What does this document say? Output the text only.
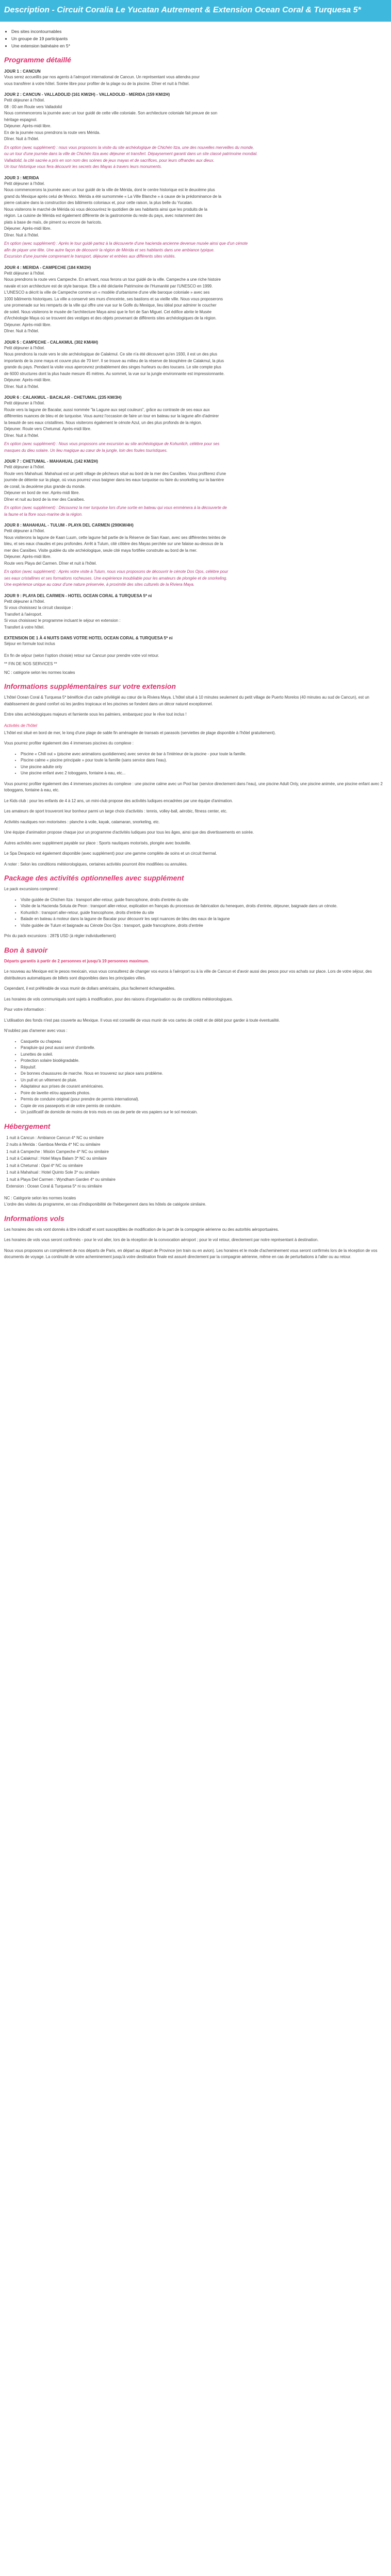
Description - Circuit Coralia Le Yucatan Autrement & Extension Ocean Coral & Turquesa 5*
• Des sites incontournables
• Un groupe de 19 participants
• Une extension balnéaire en 5*
Programme détaillé
JOUR 1 : CANCUN

Vous serez accueillis par nos agents à l'aéroport international de Cancun. Un représentant vous attendra pour

vous transférer à votre hôtel. Soirée libre pour profiter de la plage ou de la piscine. Dîner et nuit à l'hôtel.

JOUR 2 : CANCUN - VALLADOLID (161 KM/2H) - VALLADOLID - MERIDA (159 KM/2H)

Petit déjeuner à l'hôtel.

08 : 00 am Route vers Valladolid

Nous commencerons la journée avec un tour guidé de cette ville coloniale. Son architecture coloniale fait preuve de son

héritage espagnol.

Déjeuner. Après-midi libre.

En de la journée nous prendrons la route vers Mérida.

Dîner. Nuit à l'hôtel.

En option (avec supplément) : nous vous proposons la visite du site archéologique de Chichén Itza, une des nouvelles merveilles du monde,

ou un tour d'une journée dans la ville de Chichén Itza avec déjeuner et transfert. Dépaysement garanti dans un site classé patrimoine mondial.

Valladolid, la cité sacrée a pris en son nom des scènes de jeux mayas et de sacrifices, pour leurs offrandes aux dieux.

Un tour historique vous fera découvrir les secrets des Mayas à travers leurs monuments.

JOUR 3 : MERIDA

Petit déjeuner à l'hôtel.

Nous commencerons la journée avec un tour guidé de la ville de Mérida, dont le centre historique est le deuxième plus

grand du Mexique après celui de Mexico. Mérida a été surnommée « La Ville Blanche » à cause de la prédominance de la

pierre calcaire dans la construction des bâtiments coloniaux et, pour cette raison, la plus belle du Yucatan.

Nous visiterons le marché de Mérida où vous découvrirez le quotidien de ses habitants ainsi que les produits de la

région. La cuisine de Mérida est également différente de la gastronomie du reste du pays, avec notamment des

plats à base de maïs, de piment ou encore de haricots.

Déjeuner. Après-midi libre.

Dîner. Nuit à l'hôtel.

En option (avec supplément) : Après le tour guidé partez à la découverte d'une hacienda ancienne devenue musée ainsi que d'un cénote

afin de piquer une tête. Une autre façon de découvrir la région de Mérida et ses habitants dans une ambiance typique.

Excursion d'une journée comprenant le transport, déjeuner et entrées aux différents sites visités.

JOUR 4 : MERIDA - CAMPECHE (184 KM/2H)

Petit déjeuner à l'hôtel.

Nous prendrons la route vers Campeche. En arrivant, nous ferons un tour guidé de la ville. Campeche a une riche histoire

navale et son architecture est de style baroque. Elle a été déclarée Patrimoine de l'Humanité par l'UNESCO en 1999.

L'UNESCO a décrit la ville de Campeche comme un « modèle d'urbanisme d'une ville baroque coloniale » avec ses

1000 bâtiments historiques. La ville a conservé ses murs d'enceinte, ses bastions et sa vieille ville. Nous vous proposerons

une promenade sur les remparts de la ville qui offre une vue sur le Golfe du Mexique, lieu idéal pour admirer le coucher

de soleil. Nous visiterons le musée de l'architecture Maya ainsi que le fort de San Miguel. Cet édifice abrite le Musée

d'Archéologie Maya où se trouvent des vestiges et des objets provenant de différents sites archéologiques de la région.

Déjeuner. Après-midi libre.

Dîner. Nuit à l'hôtel.

JOUR 5 : CAMPECHE - CALAKMUL (302 KM/4H)

Petit déjeuner à l'hôtel.

Nous prendrons la route vers le site archéologique de Calakmul. Ce site n'a été découvert qu'en 1930, il est un des plus

importants de la zone maya et couvre plus de 70 km². Il se trouve au milieu de la réserve de biosphère de Calakmul, la plus

grande du pays. Pendant la visite vous apercevrez probablement des singes hurleurs ou des toucans. Le site compte plus

de 6000 structures dont la plus haute mesure 45 mètres. Au sommet, la vue sur la jungle environnante est impressionnante.

Déjeuner. Après-midi libre.

Dîner. Nuit à l'hôtel.

JOUR 6 : CALAKMUL - BACALAR - CHETUMAL (235 KM/3H)

Petit déjeuner à l'hôtel.

Route vers la lagune de Bacalar, aussi nommée "la Lagune aux sept couleurs", grâce au contraste de ses eaux aux

différentes nuances de bleu et de turquoise. Vous aurez l'occasion de faire un tour en bateau sur la lagune afin d'admirer

la beauté de ses eaux cristallines. Nous visiterons également le cénote Azul, un des plus profonds de la région.

Déjeuner. Route vers Chetumal. Après-midi libre.

Dîner. Nuit à l'hôtel.

En option (avec supplément) : Nous vous proposons une excursion au site archéologique de Kohunlich, célèbre pour ses

masques du dieu solaire. Un lieu magique au cœur de la jungle, loin des foules touristiques.

JOUR 7 : CHETUMAL - MAHAHUAL (142 KM/2H)

Petit déjeuner à l'hôtel.

Route vers Mahahual. Mahahual est un petit village de pêcheurs situé au bord de la mer des Caraïbes. Vous profiterez d'une

journée de détente sur la plage, où vous pourrez vous baigner dans les eaux turquoise ou faire du snorkeling sur la barrière

de corail, la deuxième plus grande du monde.

Déjeuner en bord de mer. Après-midi libre.

Dîner et nuit au bord de la mer des Caraïbes.

En option (avec supplément) : Découvrez la mer turquoise lors d'une sortie en bateau qui vous emmènera à la découverte de

la faune et la flore sous-marine de la région.

JOUR 8 : MAHAHUAL - TULUM - PLAYA DEL CARMEN (290KM/4H)

Petit déjeuner à l'hôtel.

Nous visiterons la lagune de Kaan Luum, cette lagune fait partie de la Réserve de Sian Kaan, avec ses différentes teintes de

bleu, et ses eaux chaudes et peu profondes. Arrêt à Tulum, cité côtière des Mayas perchée sur une falaise au-dessus de la

mer des Caraïbes. Visite guidée du site archéologique, seule cité maya fortifiée construite au bord de la mer.

Déjeuner. Après-midi libre.

Route vers Playa del Carmen. Dîner et nuit à l'hôtel.

En option (avec supplément) : Après votre visite à Tulum, nous vous proposons de découvrir le cénote Dos Ojos, célèbre pour

ses eaux cristallines et ses formations rocheuses. Une expérience inoubliable pour les amateurs de plongée et de snorkeling.

Une expérience unique au cœur d'une nature préservée, à proximité des sites culturels de la Riviera Maya.

JOUR 9 : PLAYA DEL CARMEN - HOTEL OCEAN CORAL & TURQUESA 5* ni

Petit déjeuner à l'hôtel.

Si vous choisissez la circuit classique :

Transfert à l'aéroport.

Si vous choisissez le programme incluant le séjour en extension :

Transfert à votre hôtel.

EXTENSION DE 1 À 4 NUITS DANS VOTRE HOTEL OCEAN CORAL & TURQUESA 5* ni

Séjour en formule tout inclus

En fin de séjour (selon l'option choisie) retour sur Cancun pour prendre votre vol retour.

** FIN DE NOS SERVICES **

NC : catégorie selon les normes locales

Informations supplémentaires sur votre extension

L'hôtel Ocean Coral & Turquesa 5* bénéficie d'un cadre privilégié au cœur de la Riviera Maya. L'hôtel situé à 10 minutes seulement du petit village de Puerto Morelos (40 minutes au sud de Cancun), est un établissement de grand confort où les jardins tropicaux et les piscines se fondent dans un décor naturel exceptionnel.

Entre sites archéologiques majeurs et farniente sous les palmiers, embarquez pour le rêve tout inclus !

Activités de l'hôtel

L'hôtel est situé en bord de mer, le long d'une plage de sable fin aménagée de transats et parasols (serviettes de plage disponible à l'hôtel gratuitement).

Vous pourrez profiter également des 4 immenses piscines du complexe :

• Piscine « Chill out » (piscine avec animations quotidiennes) avec service de bar à l'intérieur de la piscine - pour toute la famille.
• Piscine calme « piscine principale » pour toute la famille (sans service dans l'eau).
• Une piscine adulte only
• Une piscine enfant avec 2 toboggans, fontaine à eau, etc...

Vous pourrez profiter également des 4 immenses piscines du complexe : une piscine calme avec un Pool bar (service directement dans l'eau), une piscine Adult Only, une piscine animée, une piscine enfant avec 2 toboggans, fontaine à eau, etc.

Le Kids club : pour les enfants de 4 à 12 ans, un mini-club propose des activités ludiques encadrées par une équipe d'animation.

Les amateurs de sport trouveront leur bonheur parmi un large choix d'activités : tennis, volley-ball, aérobic, fitness center, etc.

Activités nautiques non motorisées : planche à voile, kayak, catamaran, snorkeling, etc.

Une équipe d'animation propose chaque jour un programme d'activités ludiques pour tous les âges, ainsi que des divertissements en soirée.

Autres activités avec supplément payable sur place : Sports nautiques motorisés, plongée avec bouteille.

Le Spa Despacio est également disponible (avec supplément) pour une gamme complète de soins et un circuit thermal.

A noter : Selon les conditions météorologiques, certaines activités pourront être modifiées ou annulées.

Package des activités optionnelles avec supplément

Le pack excursions comprend :

• Visite guidée de Chichen Itza : transport aller-retour, guide francophone, droits d'entrée du site
• Visite de la Hacienda Sotuta de Peon : transport aller-retour, explication en français du processus de fabrication du henequen, droits d'entrée, déjeuner, baignade dans un cénote.
• Kohunlich : transport aller-retour, guide francophone, droits d'entrée du site
• Balade en bateau à moteur dans la lagune de Bacalar pour découvrir les sept nuances de bleu des eaux de la lagune
• Visite guidée de Tulum et baignade au Cénote Dos Ojos : transport, guide francophone, droits d'entrée

Prix du pack excursions : 287$ USD (à régler individuellement)

Bon à savoir

Départs garantis à partir de 2 personnes et jusqu'à 19 personnes maximum.

Le nouveau au Mexique est le pesos mexicain, vous vous consulterez de changer vos euros à l'aéroport ou à la ville de Cancun et d'avoir aussi des pesos pour vos achats sur place. Lors de votre séjour, des distributeurs automatiques de billets sont disponibles dans les principales villes.

Cependant, il est préférable de vous munir de dollars américains, plus facilement échangeables.

Les horaires de vols communiqués sont sujets à modification, pour des raisons d'organisation ou de conditions météorologiques.

Pour votre information :

L'utilisation des fonds n'est pas couverte au Mexique. Il vous est conseillé de vous munir de vos cartes de crédit et de débit pour garder à toute éventualité.

N'oubliez pas d'amener avec vous :

• Casquette ou chapeau
• Parapluie qui peut aussi servir d'ombrelle.
• Lunettes de soleil.
• Protection solaire biodégradable.
• Répulsif.
• De bonnes chaussures de marche. Nous en trouverez sur place sans problème.
• Un pull et un vêtement de pluie.
• Adaptateur aux prises de courant américaines.
• Poire de lavette et/ou appareils photos.
• Permis de conduire original (pour prendre de permis international).
• Copie de vos passeports et de votre permis de conduire.
• Un justificatif de domicile de moins de trois mois en cas de perte de vos papiers sur le sol mexicain.
Hébergement

1 nuit à Cancun : Ambiance Cancun 4* NC ou similaire

2 nuits à Merida : Gamboa Merida 4* NC ou similaire

1 nuit à Campeche : Misión Campeche 4* NC ou similaire

1 nuit à Calakmul : Hotel Maya Balam 3* NC ou similaire

1 nuit à Chetumal : Opal 4* NC ou similaire

1 nuit à Mahahual : Hotel Quinto Sole 3* ou similaire

1 nuit à Playa Del Carmen : Wyndham Garden 4* ou similaire

Extension : Ocean Coral & Turquesa 5* ni ou similaire

NC : Catégorie selon les normes locales

L'ordre des visites du programme, en cas d'indisponibilité de l'hébergement dans les hôtels de catégorie similaire.

Informations vols

Les horaires des vols vont donnés à titre indicatif et sont susceptibles de modification de la part de la compagnie aérienne ou des autorités aéroportuaires.

Les horaires de vols vous seront confirmés - pour le vol aller, lors de la réception de la convocation aéroport ; pour le vol retour, directement par notre représentant à destination.

Nous vous proposons un complément de nos départs de Paris, en départ au départ de Province (en train ou en avion). Les horaires et le mode d'acheminement vous seront confirmés lors de la réception de vos documents de voyage. La continuité de votre acheminement jusqu'à votre destination finale est assuré directement par la compagnie aérienne, même en cas de perturbations à l'aller ou au retour.
